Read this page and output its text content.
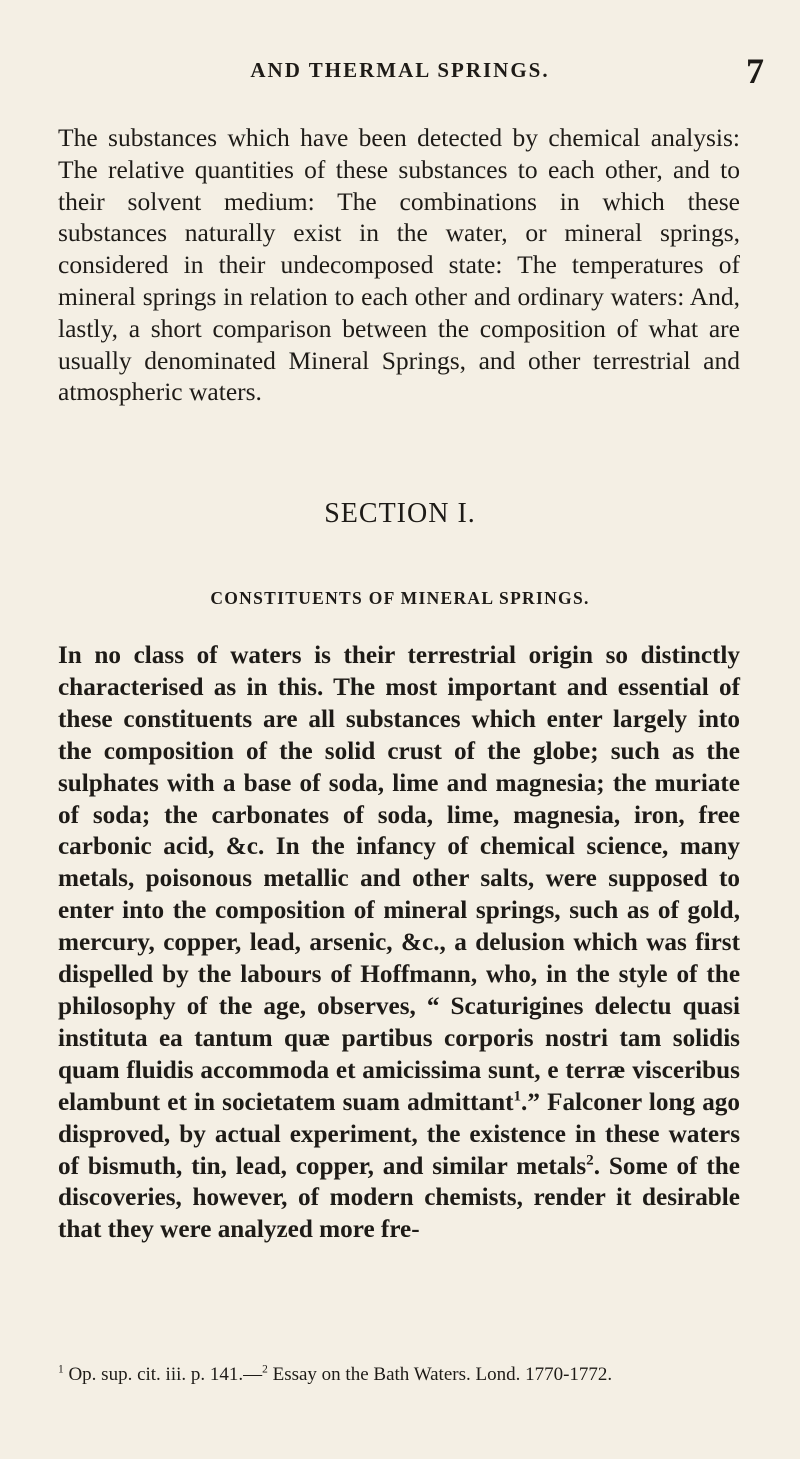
AND THERMAL SPRINGS.	7

The substances which have been detected by chemical analysis: The relative quantities of these substances to each other, and to their solvent medium: The combinations in which these substances naturally exist in the water, or mineral springs, considered in their undecomposed state: The temperatures of mineral springs in relation to each other and ordinary waters: And, lastly, a short comparison between the composition of what are usually denominated Mineral Springs, and other terrestrial and atmospheric waters.

SECTION I.
CONSTITUENTS OF MINERAL SPRINGS.

In no class of waters is their terrestrial origin so distinctly characterised as in this. The most important and essential of these constituents are all substances which enter largely into the composition of the solid crust of the globe; such as the sulphates with a base of soda, lime and magnesia; the muriate of soda; the carbonates of soda, lime, magnesia, iron, free carbonic acid, &c. In the infancy of chemical science, many metals, poisonous metallic and other salts, were supposed to enter into the composition of mineral springs, such as of gold, mercury, copper, lead, arsenic, &c., a delusion which was first dispelled by the labours of Hoffmann, who, in the style of the philosophy of the age, observes, “ Scaturigines delectu quasi instituta ea tantum quæ partibus corporis nostri tam solidis quam fluidis accommoda et amicissima sunt, e terræ visceribus elambunt et in societatem suam admittant$^1$.” Falconer long ago disproved, by actual experiment, the existence in these waters of bismuth, tin, lead, copper, and similar metals$^2$. Some of the discoveries, however, of modern chemists, render it desirable that they were analyzed more fre-

$^1$ Op. sup. cit. iii. p. 141.—$^2$ Essay on the Bath Waters. Lond. 1770-1772.
